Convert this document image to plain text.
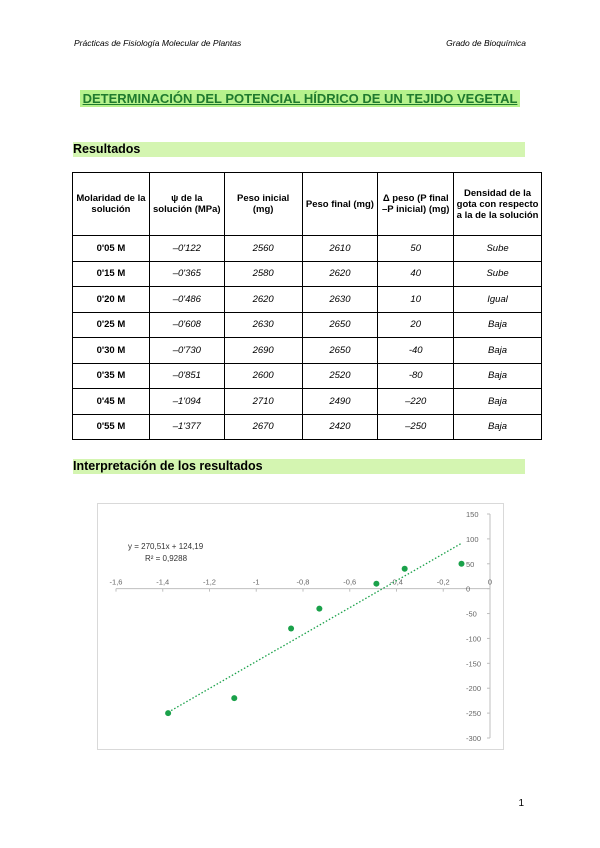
Prácticas de Fisiología Molecular de Plantas	Grado de Bioquímica
DETERMINACIÓN DEL POTENCIAL HÍDRICO DE UN TEJIDO VEGETAL
Resultados
Molaridad de la solución	ψ de la solución (MPa)	Peso inicial (mg)	Peso final (mg)	Δ peso (P final –P inicial) (mg)	Densidad de la gota con respecto a la de la solución
0'05 M	–0'122	2560	2610	50	Sube
0'15 M	–0'365	2580	2620	40	Sube
0'20 M	–0'486	2620	2630	10	Igual
0'25 M	–0'608	2630	2650	20	Baja
0'30 M	–0'730	2690	2650	-40	Baja
0'35 M	–0'851	2600	2520	-80	Baja
0'45 M	–1'094	2710	2490	–220	Baja
0'55 M	–1'377	2670	2420	–250	Baja
Interpretación de los resultados
-1,6	-1,4	-1,2	-1	-0,8	-0,6	-0,4	-0,2	0
150
100
50
0
-50
-100
-150
-200
-250
-300
y = 270,51x + 124,19
R² = 0,9288
1
